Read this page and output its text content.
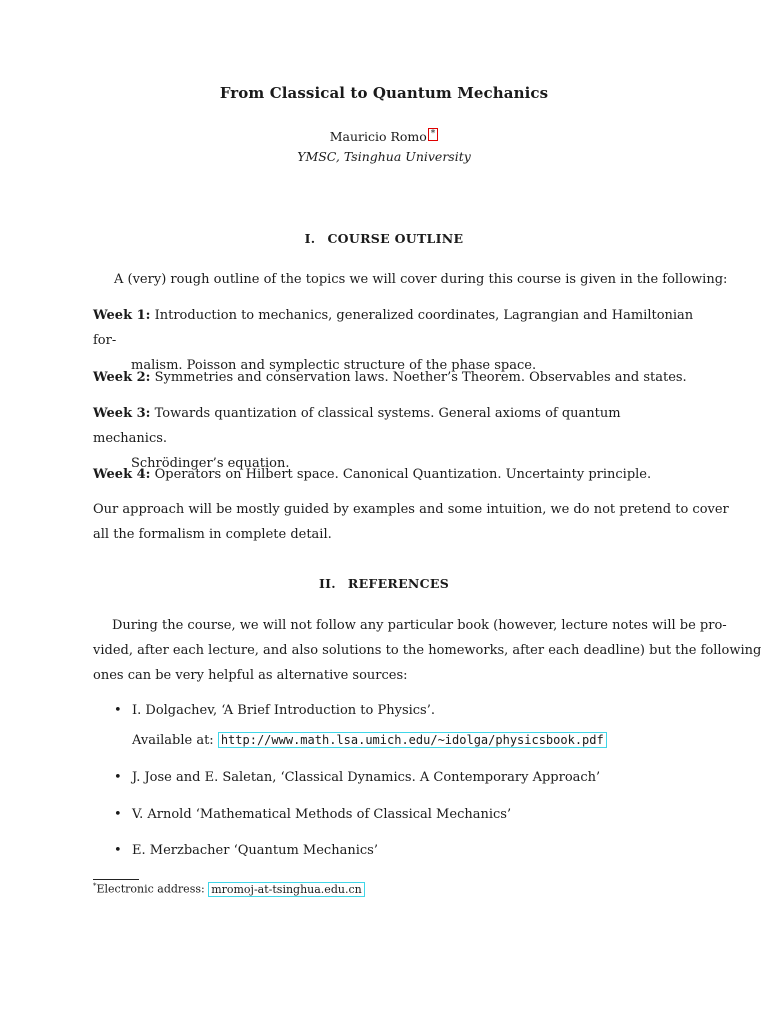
From Classical to Quantum Mechanics
Mauricio Romo *
YMSC, Tsinghua University
I. COURSE OUTLINE
A (very) rough outline of the topics we will cover during this course is given in the following:
Week 1: Introduction to mechanics, generalized coordinates, Lagrangian and Hamiltonian for-
malism. Poisson and symplectic structure of the phase space.
Week 2: Symmetries and conservation laws. Noether’s Theorem. Observables and states.
Week 3: Towards quantization of classical systems. General axioms of quantum mechanics.
Schrödinger’s equation.
Week 4: Operators on Hilbert space. Canonical Quantization. Uncertainty principle.
Our approach will be mostly guided by examples and some intuition, we do not pretend to cover
all the formalism in complete detail.
II. REFERENCES
During the course, we will not follow any particular book (however, lecture notes will be pro-
vided, after each lecture, and also solutions to the homeworks, after each deadline) but the following
ones can be very helpful as alternative sources:
• I. Dolgachev, ‘A Brief Introduction to Physics’.
Available at: http://www.math.lsa.umich.edu/~idolga/physicsbook.pdf
• J. Jose and E. Saletan, ‘Classical Dynamics. A Contemporary Approach’
• V. Arnold ‘Mathematical Methods of Classical Mechanics’
• E. Merzbacher ‘Quantum Mechanics’
*Electronic address: mromoj-at-tsinghua.edu.cn
